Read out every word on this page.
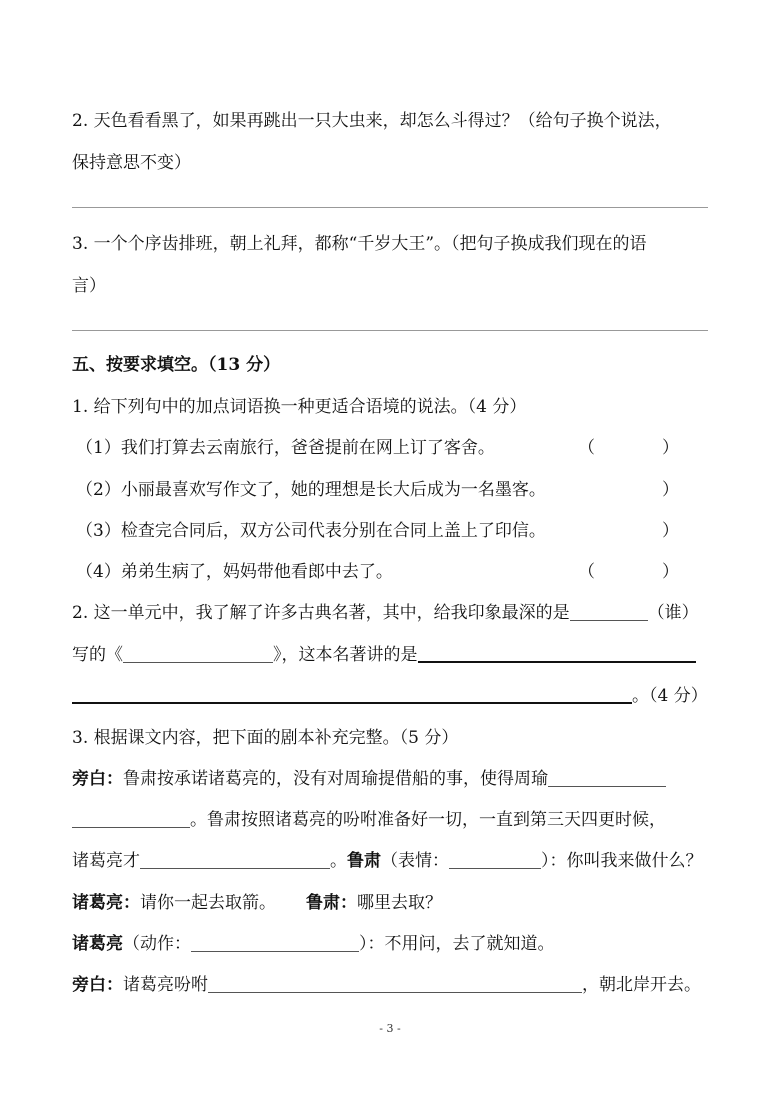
2. 天色看看黑了，如果再跳出一只大虫来，却怎么斗得过？（给句子换个说法，
保持意思不变）
3. 一个个序齿排班，朝上礼拜，都称“千岁大王”。（把句子换成我们现在的语
言）
五、按要求填空。（13 分）
1. 给下列句中的加点词语换一种更适合语境的说法。（4 分）
（1）我们打算去云南旅行，爸爸提前在网上订了客舍。	（	）
（2）小丽最喜欢写作文了，她的理想是长大后成为一名墨客。	）
（3）检查完合同后，双方公司代表分别在合同上盖上了印信。	）
（4）弟弟生病了，妈妈带他看郎中去了。	（	）
2. 这一单元中，我了解了许多古典名著，其中，给我印象最深的是	（谁）
写的《	》，这本名著讲的是
。（4 分）
3. 根据课文内容，把下面的剧本补充完整。（5 分）
旁白：鲁肃按承诺诸葛亮的，没有对周瑜提借船的事，使得周瑜
。鲁肃按照诸葛亮的吩咐准备好一切，一直到第三天四更时候，
诸葛亮才	。鲁肃（表情：	）：你叫我来做什么？
诸葛亮：请你一起去取箭。 鲁肃：哪里去取？
诸葛亮（动作：	）：不用问，去了就知道。
旁白：诸葛亮吩咐	，朝北岸开去。
- 3 -
